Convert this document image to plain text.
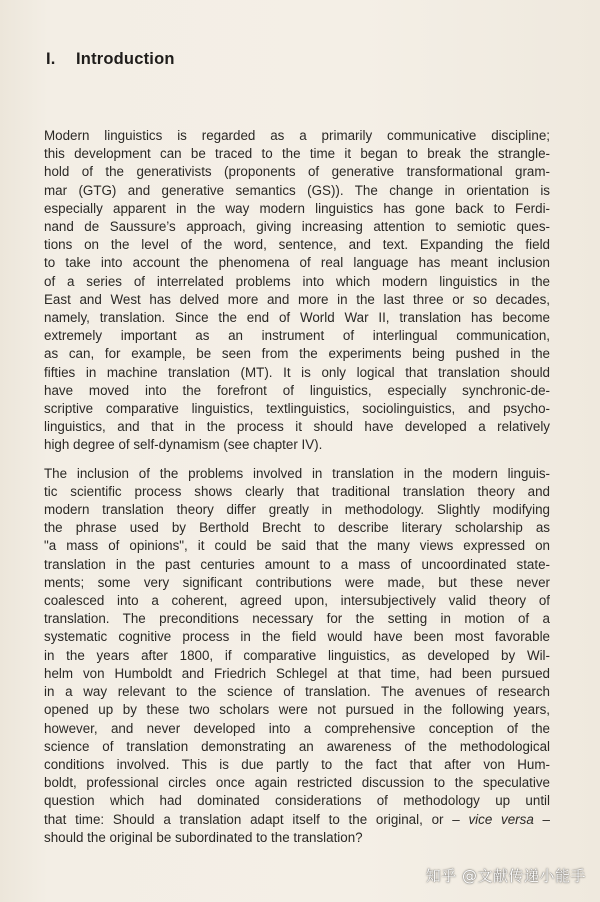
I. Introduction
Modern linguistics is regarded as a primarily communicative discipline;
this development can be traced to the time it began to break the strangle-
hold of the generativists (proponents of generative transformational gram-
mar (GTG) and generative semantics (GS)). The change in orientation is
especially apparent in the way modern linguistics has gone back to Ferdi-
nand de Saussure’s approach, giving increasing attention to semiotic ques-
tions on the level of the word, sentence, and text. Expanding the field
to take into account the phenomena of real language has meant inclusion
of a series of interrelated problems into which modern linguistics in the
East and West has delved more and more in the last three or so decades,
namely, translation. Since the end of World War II, translation has become
extremely important as an instrument of interlingual communication,
as can, for example, be seen from the experiments being pushed in the
fifties in machine translation (MT). It is only logical that translation should
have moved into the forefront of linguistics, especially synchronic-de-
scriptive comparative linguistics, textlinguistics, sociolinguistics, and psycho-
linguistics, and that in the process it should have developed a relatively
high degree of self-dynamism (see chapter IV).
The inclusion of the problems involved in translation in the modern linguis-
tic scientific process shows clearly that traditional translation theory and
modern translation theory differ greatly in methodology. Slightly modifying
the phrase used by Berthold Brecht to describe literary scholarship as
"a mass of opinions", it could be said that the many views expressed on
translation in the past centuries amount to a mass of uncoordinated state-
ments; some very significant contributions were made, but these never
coalesced into a coherent, agreed upon, intersubjectively valid theory of
translation. The preconditions necessary for the setting in motion of a
systematic cognitive process in the field would have been most favorable
in the years after 1800, if comparative linguistics, as developed by Wil-
helm von Humboldt and Friedrich Schlegel at that time, had been pursued
in a way relevant to the science of translation. The avenues of research
opened up by these two scholars were not pursued in the following years,
however, and never developed into a comprehensive conception of the
science of translation demonstrating an awareness of the methodological
conditions involved. This is due partly to the fact that after von Hum-
boldt, professional circles once again restricted discussion to the speculative
question which had dominated considerations of methodology up until
that time: Should a translation adapt itself to the original, or – vice versa –
should the original be subordinated to the translation?
知乎 @文献传递小能手
